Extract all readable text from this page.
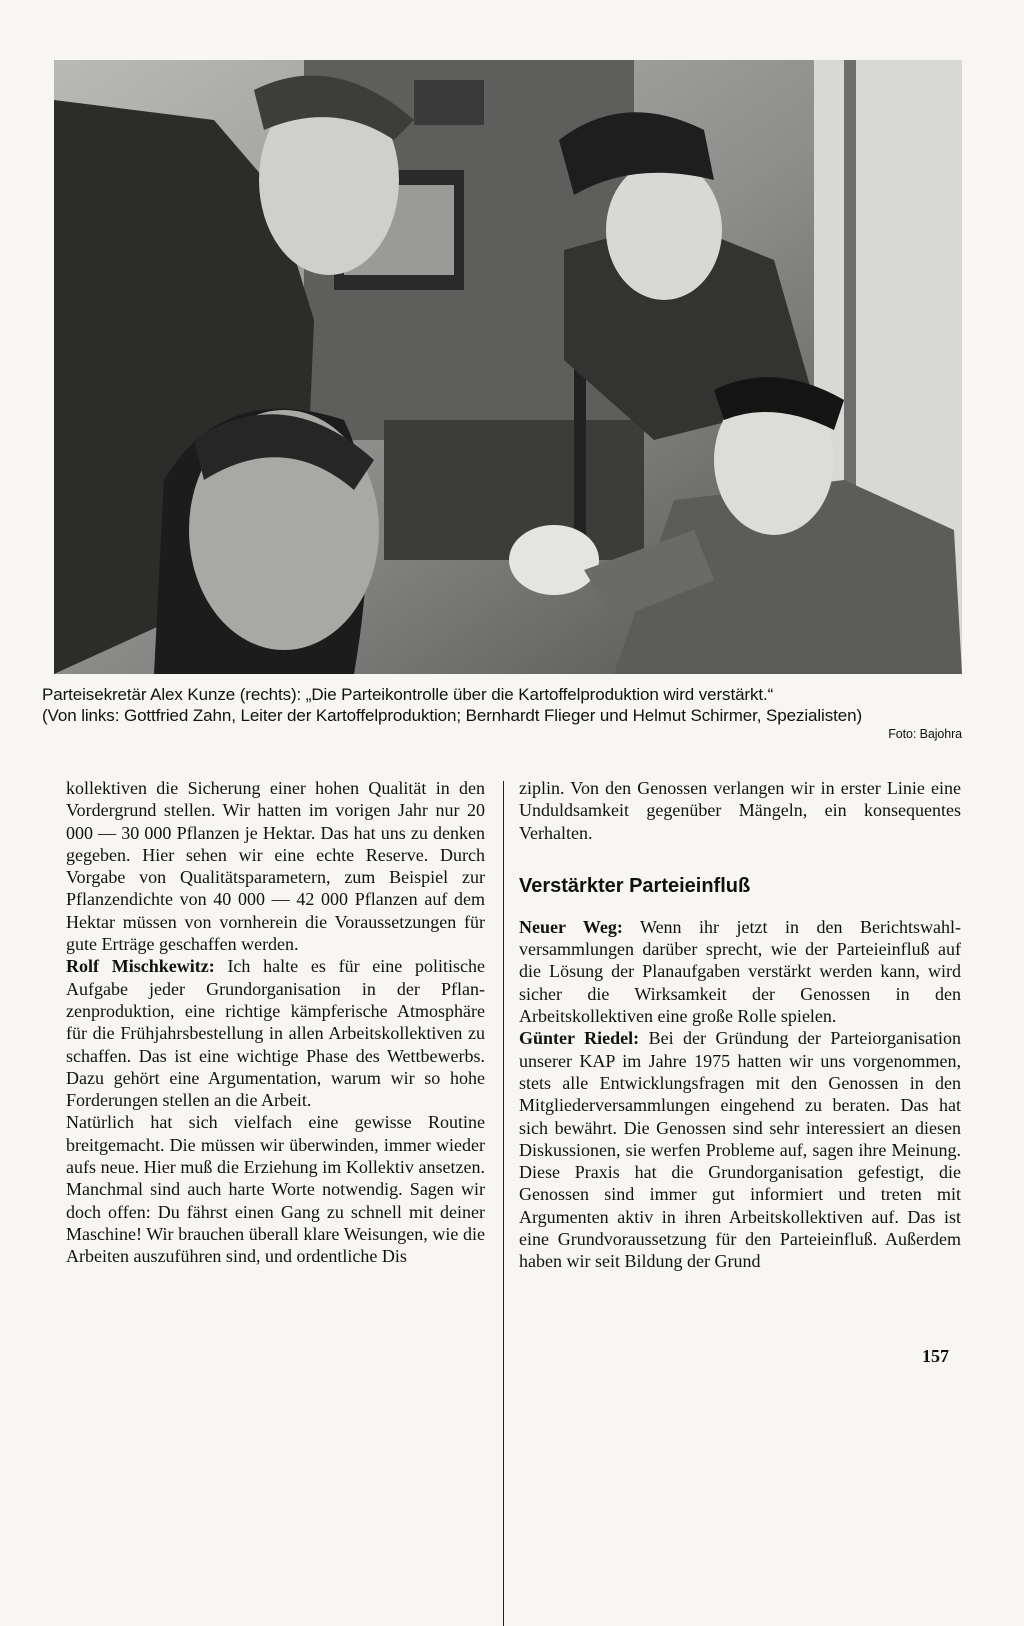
Parteisekretär Alex Kunze (rechts): „Die Parteikontrolle über die Kartoffelproduktion wird verstärkt.“
(Von links: Gottfried Zahn, Leiter der Kartoffelproduktion; Bernhardt Flieger und Helmut Schirmer, Spezialisten)
Foto: Bajohra

kollektiven die Sicherung einer hohen Qualität in den Vordergrund stellen. Wir hatten im vorigen Jahr nur 20 000 — 30 000 Pflanzen je Hektar. Das hat uns zu denken gegeben. Hier sehen wir eine echte Reserve. Durch Vorgabe von Qualitätsparametern, zum Beispiel zur Pflanzendichte von 40 000 — 42 000 Pflanzen auf dem Hektar müssen von vornherein die Voraussetzungen für gute Erträge geschaffen werden.

Rolf Mischkewitz: Ich halte es für eine politische Aufgabe jeder Grundorganisation in der Pflanzenproduktion, eine richtige kämpferische Atmosphäre für die Frühjahrsbestellung in allen Arbeitskollektiven zu schaffen. Das ist eine wichtige Phase des Wettbewerbs. Dazu gehört eine Argumentation, warum wir so hohe Forderungen stellen an die Arbeit.

Natürlich hat sich vielfach eine gewisse Routine breitgemacht. Die müssen wir überwinden, immer wieder aufs neue. Hier muß die Erziehung im Kollektiv ansetzen. Manchmal sind auch harte Worte notwendig. Sagen wir doch offen: Du fährst einen Gang zu schnell mit deiner Maschine! Wir brauchen überall klare Weisungen, wie die Arbeiten auszuführen sind, und ordentliche Dis

ziplin. Von den Genossen verlangen wir in erster Linie eine Unduldsamkeit gegenüber Mängeln, ein konsequentes Verhalten.

Verstärkter Parteieinfluß

Neuer Weg: Wenn ihr jetzt in den Berichtswahlversammlungen darüber sprecht, wie der Parteieinfluß auf die Lösung der Planaufgaben verstärkt werden kann, wird sicher die Wirksamkeit der Genossen in den Arbeitskollektiven eine große Rolle spielen.

Günter Riedel: Bei der Gründung der Parteiorganisation unserer KAP im Jahre 1975 hatten wir uns vorgenommen, stets alle Entwicklungsfragen mit den Genossen in den Mitgliederversammlungen eingehend zu beraten. Das hat sich bewährt. Die Genossen sind sehr interessiert an diesen Diskussionen, sie werfen Probleme auf, sagen ihre Meinung. Diese Praxis hat die Grundorganisation gefestigt, die Genossen sind immer gut informiert und treten mit Argumenten aktiv in ihren Arbeitskollektiven auf. Das ist eine Grundvoraussetzung für den Parteieinfluß. Außerdem haben wir seit Bildung der Grund

157
